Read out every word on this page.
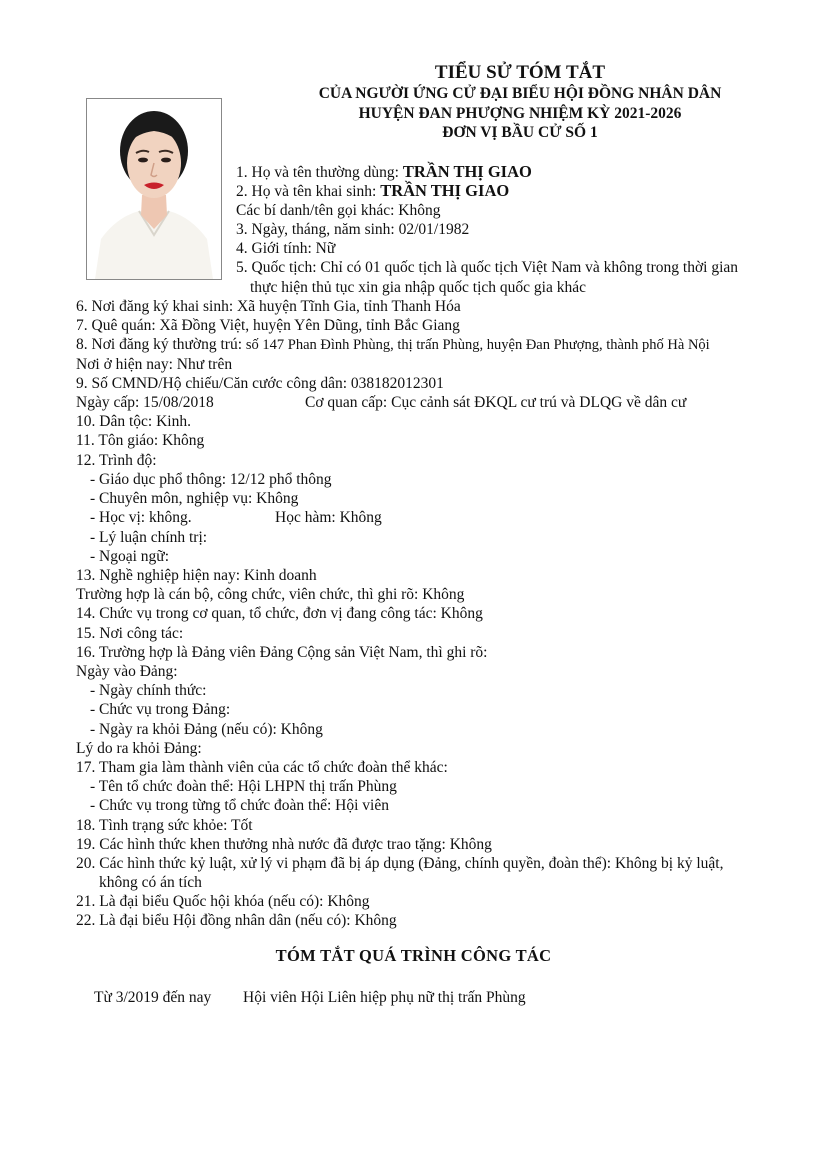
TIỂU SỬ TÓM TẮT
CỦA NGƯỜI ỨNG CỬ ĐẠI BIỂU HỘI ĐỒNG NHÂN DÂN
HUYỆN ĐAN PHƯỢNG NHIỆM KỲ 2021-2026
ĐƠN VỊ BẦU CỬ SỐ 1
1. Họ và tên thường dùng: TRẦN THỊ GIAO
2. Họ và tên khai sinh: TRẦN THỊ GIAO
Các bí danh/tên gọi khác: Không
3. Ngày, tháng, năm sinh: 02/01/1982
4. Giới tính: Nữ
5. Quốc tịch: Chỉ có 01 quốc tịch là quốc tịch Việt Nam và không trong thời gian
thực hiện thủ tục xin gia nhập quốc tịch quốc gia khác
6. Nơi đăng ký khai sinh: Xã huyện Tĩnh Gia, tỉnh Thanh Hóa
7. Quê quán: Xã Đồng Việt, huyện Yên Dũng, tỉnh Bắc Giang
8. Nơi đăng ký thường trú: số 147 Phan Đình Phùng, thị trấn Phùng, huyện Đan Phượng, thành phố Hà Nội
Nơi ở hiện nay: Như trên
9. Số CMND/Hộ chiếu/Căn cước công dân: 038182012301
Ngày cấp: 15/08/2018	Cơ quan cấp: Cục cảnh sát ĐKQL cư trú và DLQG về dân cư
10. Dân tộc: Kinh.
11. Tôn giáo: Không
12. Trình độ:
- Giáo dục phổ thông: 12/12 phổ thông
- Chuyên môn, nghiệp vụ: Không
- Học vị: không.	Học hàm: Không
- Lý luận chính trị:
- Ngoại ngữ:
13. Nghề nghiệp hiện nay: Kinh doanh
Trường hợp là cán bộ, công chức, viên chức, thì ghi rõ: Không
14. Chức vụ trong cơ quan, tổ chức, đơn vị đang công tác: Không
15. Nơi công tác:
16. Trường hợp là Đảng viên Đảng Cộng sản Việt Nam, thì ghi rõ:
Ngày vào Đảng:
- Ngày chính thức:
- Chức vụ trong Đảng:
- Ngày ra khỏi Đảng (nếu có): Không
Lý do ra khỏi Đảng:
17. Tham gia làm thành viên của các tổ chức đoàn thể khác:
- Tên tổ chức đoàn thể: Hội LHPN thị trấn Phùng
- Chức vụ trong từng tổ chức đoàn thể: Hội viên
18. Tình trạng sức khỏe: Tốt
19. Các hình thức khen thưởng nhà nước đã được trao tặng: Không
20. Các hình thức kỷ luật, xử lý vi phạm đã bị áp dụng (Đảng, chính quyền, đoàn thể): Không bị kỷ luật,
không có án tích
21. Là đại biểu Quốc hội khóa (nếu có): Không
22. Là đại biểu Hội đồng nhân dân (nếu có): Không
TÓM TẮT QUÁ TRÌNH CÔNG TÁC
Từ 3/2019 đến nay Hội viên Hội Liên hiệp phụ nữ thị trấn Phùng
